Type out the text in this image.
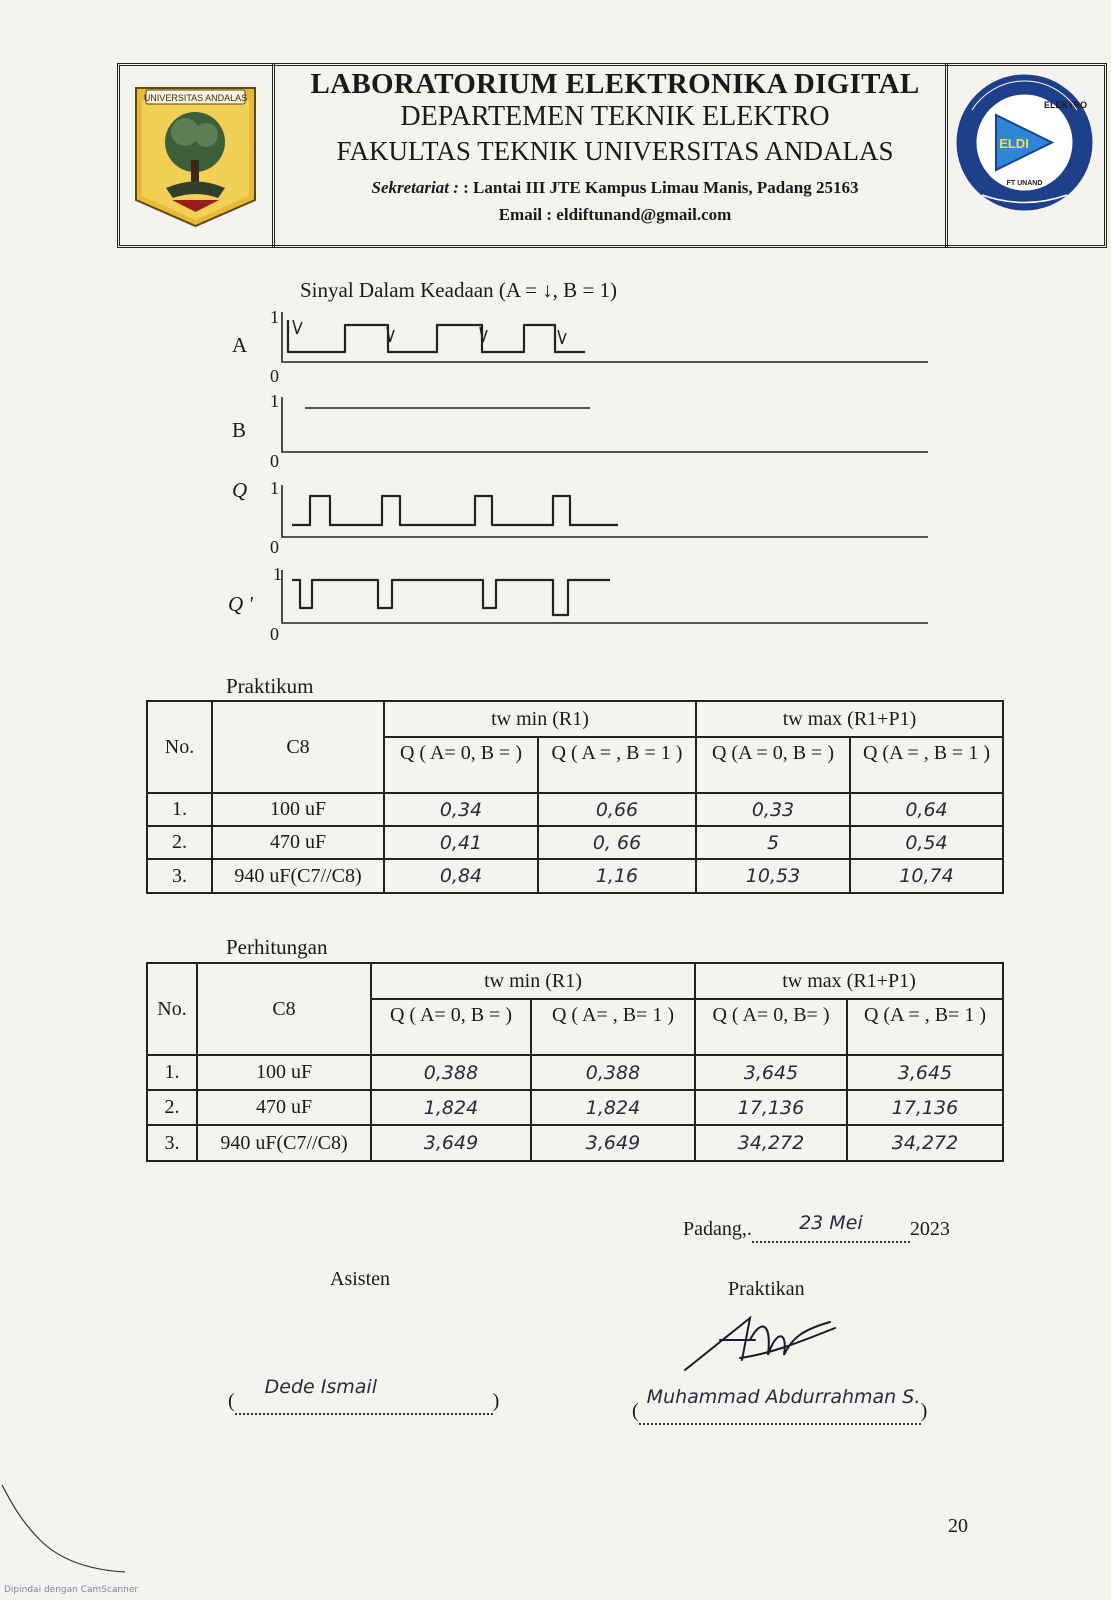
UNIVERSITAS ANDALAS
ELDI
ELEKTRO
FT UNAND
LABORATORIUM ELEKTRONIKA DIGITAL
DEPARTEMEN TEKNIK ELEKTRO
FAKULTAS TEKNIK UNIVERSITAS ANDALAS
Sekretariat : : Lantai III JTE Kampus Limau Manis, Padang 25163
Email : eldiftunand@gmail.com
Sinyal Dalam Keadaan (A = ↓, B = 1)
A
1
0
B
1
0
Q 1
0
Q '
1
0
Praktikum
No.	C8	tw min (R1)		tw max (R1+P1)	
		Q ( A= 0, B = )	Q ( A = , B = 1 )	Q (A = 0, B = )	Q (A = , B = 1 )
1.	100 uF	0,34	0,66	0,33	0,64
2.	470 uF	0,41	0, 66	5	0,54
3.	940 uF(C7//C8)	0,84	1,16	10,53	10,74
Perhitungan
No.	C8	tw min (R1)		tw max (R1+P1)	
		Q ( A= 0, B = )	Q ( A= , B= 1 )	Q ( A= 0, B= )	Q (A = , B= 1 )
1.	100 uF	0,388	0,388	3,645	3,645
2.	470 uF	1,824	1,824	17,136	17,136
3.	940 uF(C7//C8)	3,649	3,649	34,272	34,272
Padang,. 23 Mei 2023
Asisten	Praktikan
(
Dede Ismail
)	(
Muhammad Abdurrahman S.
)
20
Dipindai dengan CamScanner
